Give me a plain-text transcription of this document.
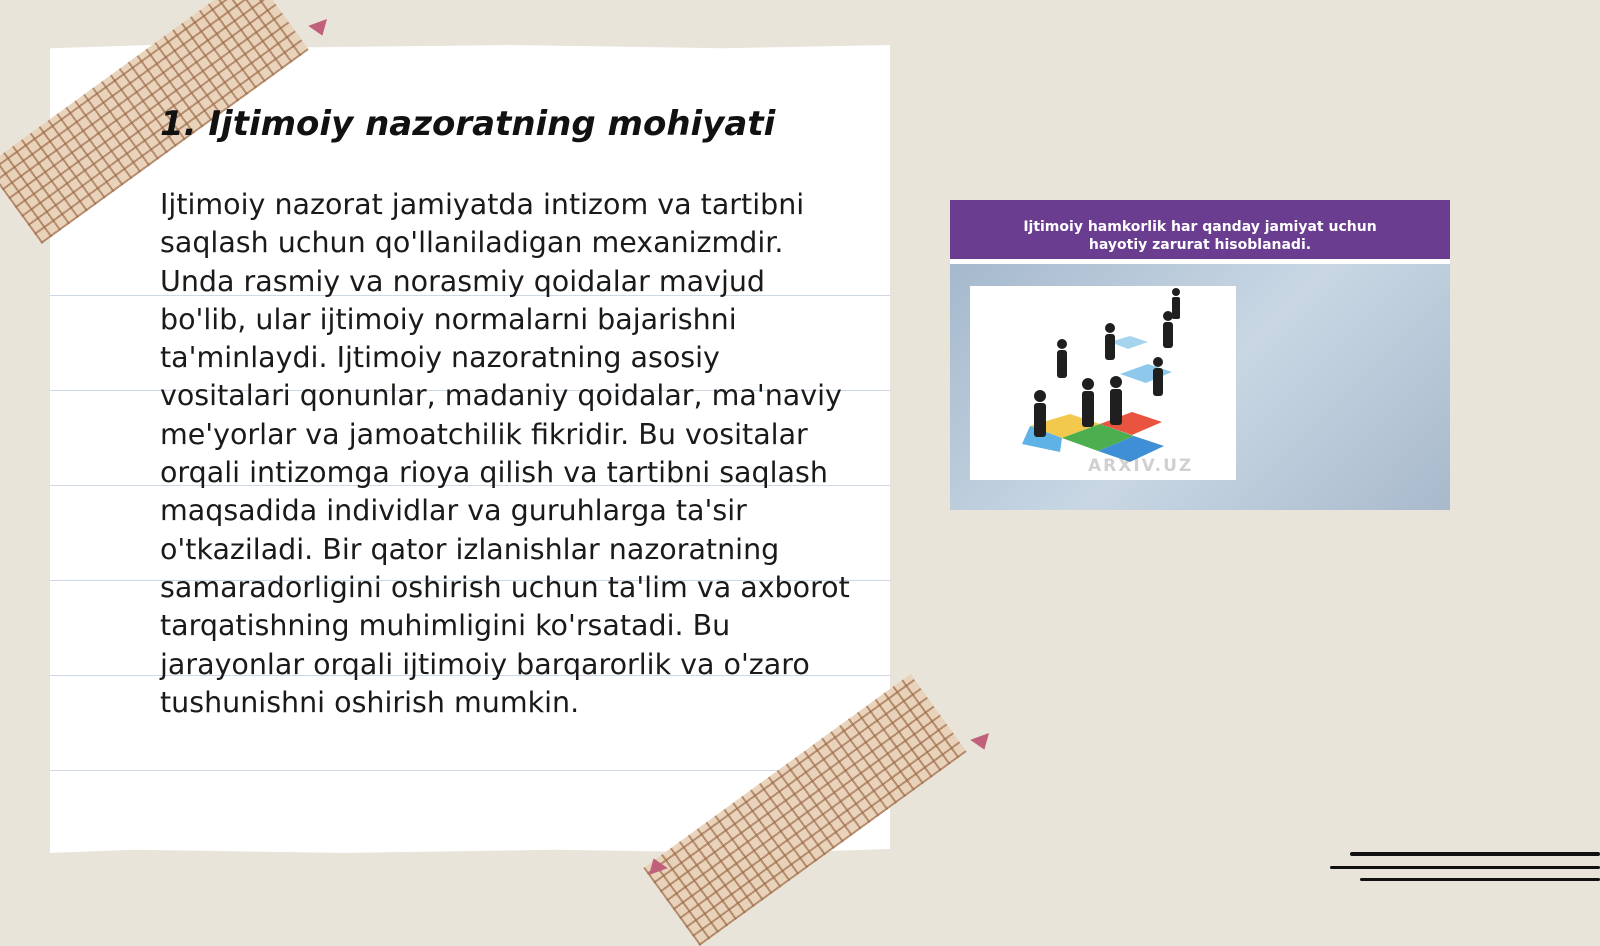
1. Ijtimoiy nazoratning mohiyati

Ijtimoiy nazorat jamiyatda intizom va tartibni saqlash uchun qo'llaniladigan mexanizmdir. Unda rasmiy va norasmiy qoidalar mavjud bo'lib, ular ijtimoiy normalarni bajarishni ta'minlaydi. Ijtimoiy nazoratning asosiy vositalari qonunlar, madaniy qoidalar, ma'naviy me'yorlar va jamoatchilik fikridir. Bu vositalar orqali intizomga rioya qilish va tartibni saqlash maqsadida individlar va guruhlarga ta'sir o'tkaziladi. Bir qator izlanishlar nazoratning samaradorligini oshirish uchun ta'lim va axborot tarqatishning muhimligini ko'rsatadi. Bu jarayonlar orqali ijtimoiy barqarorlik va o'zaro tushunishni oshirish mumkin.

Ijtimoiy hamkorlik har qanday jamiyat uchun
hayotiy zarurat hisoblanadi.
ARXIV.UZ
